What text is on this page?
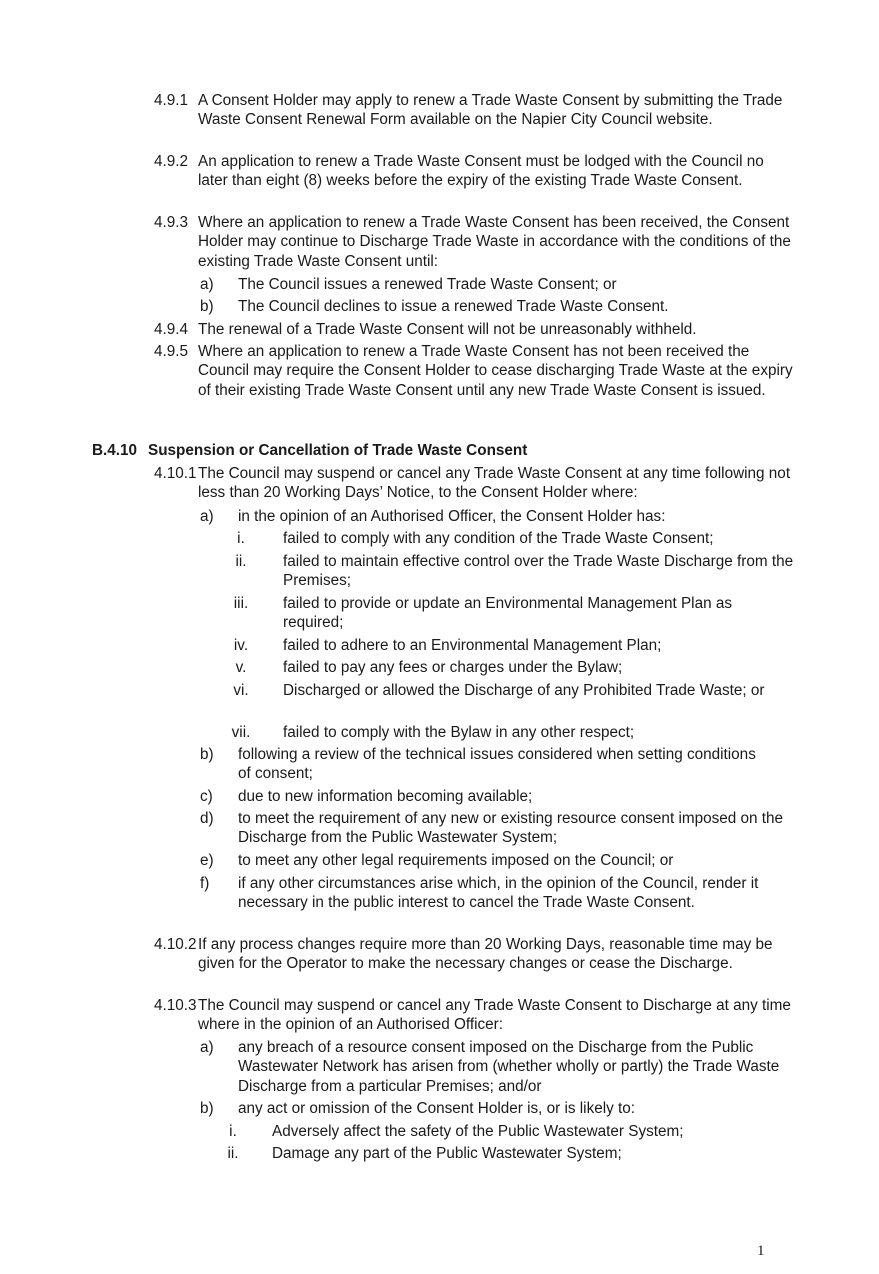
4.9.1 A Consent Holder may apply to renew a Trade Waste Consent by submitting the Trade Waste Consent Renewal Form available on the Napier City Council website.
4.9.2 An application to renew a Trade Waste Consent must be lodged with the Council no later than eight (8) weeks before the expiry of the existing Trade Waste Consent.
4.9.3 Where an application to renew a Trade Waste Consent has been received, the Consent Holder may continue to Discharge Trade Waste in accordance with the conditions of the existing Trade Waste Consent until:
a) The Council issues a renewed Trade Waste Consent; or
b) The Council declines to issue a renewed Trade Waste Consent.
4.9.4 The renewal of a Trade Waste Consent will not be unreasonably withheld.
4.9.5 Where an application to renew a Trade Waste Consent has not been received the Council may require the Consent Holder to cease discharging Trade Waste at the expiry of their existing Trade Waste Consent until any new Trade Waste Consent is issued.
B.4.10 Suspension or Cancellation of Trade Waste Consent
4.10.1 The Council may suspend or cancel any Trade Waste Consent at any time following not less than 20 Working Days’ Notice, to the Consent Holder where:
a) in the opinion of an Authorised Officer, the Consent Holder has:
i.	failed to comply with any condition of the Trade Waste Consent;
ii.	failed to maintain effective control over the Trade Waste Discharge from the Premises;
iii.	failed to provide or update an Environmental Management Plan as required;
iv.	failed to adhere to an Environmental Management Plan;
v.	failed to pay any fees or charges under the Bylaw;
vi.	Discharged or allowed the Discharge of any Prohibited Trade Waste; or
vii.	failed to comply with the Bylaw in any other respect;
b) following a review of the technical issues considered when setting conditions of consent;
c) due to new information becoming available;
d) to meet the requirement of any new or existing resource consent imposed on the Discharge from the Public Wastewater System;
e) to meet any other legal requirements imposed on the Council; or
f) if any other circumstances arise which, in the opinion of the Council, render it necessary in the public interest to cancel the Trade Waste Consent.
4.10.2 If any process changes require more than 20 Working Days, reasonable time may be given for the Operator to make the necessary changes or cease the Discharge.
4.10.3 The Council may suspend or cancel any Trade Waste Consent to Discharge at any time where in the opinion of an Authorised Officer:
a) any breach of a resource consent imposed on the Discharge from the Public Wastewater Network has arisen from (whether wholly or partly) the Trade Waste Discharge from a particular Premises; and/or
b) any act or omission of the Consent Holder is, or is likely to:
i.	Adversely affect the safety of the Public Wastewater System;
ii.	Damage any part of the Public Wastewater System;
1
